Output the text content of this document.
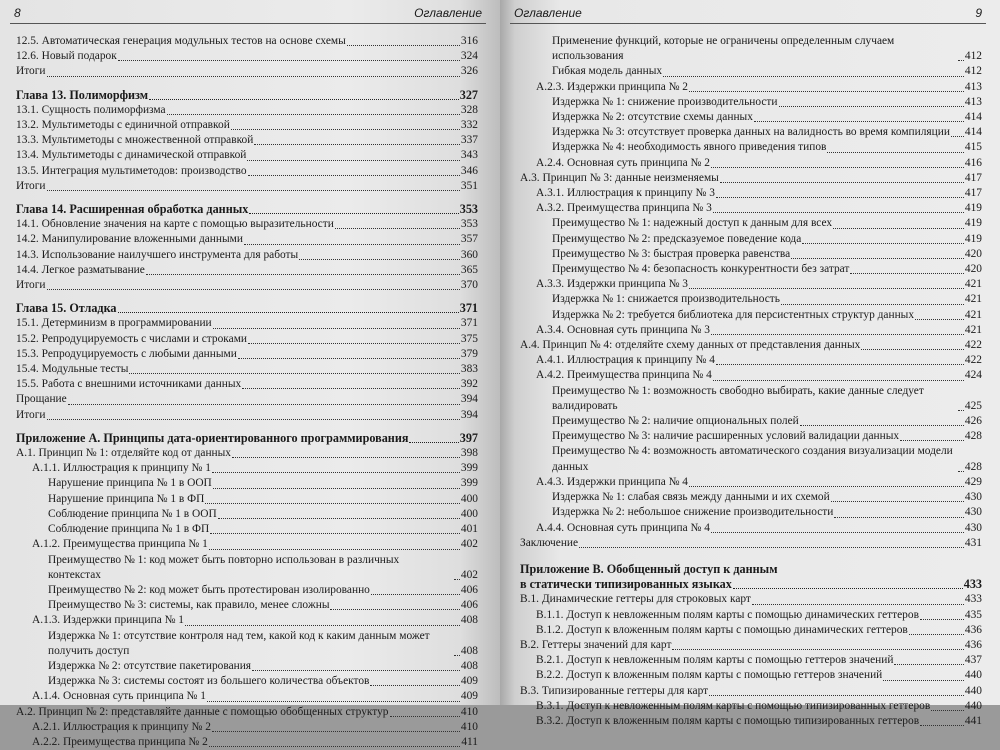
8	Оглавление
12.5. Автоматическая генерация модульных тестов на основе схемы	316
12.6. Новый подарок	324
Итоги	326
Глава 13. Полиморфизм	327
13.1. Сущность полиморфизма	328
13.2. Мультиметоды с единичной отправкой	332
13.3. Мультиметоды с множественной отправкой	337
13.4. Мультиметоды с динамической отправкой	343
13.5. Интеграция мультиметодов: производство	346
Итоги	351
Глава 14. Расширенная обработка данных	353
14.1. Обновление значения на карте с помощью выразительности	353
14.2. Манипулирование вложенными данными	357
14.3. Использование наилучшего инструмента для работы	360
14.4. Легкое разматывание	365
Итоги	370
Глава 15. Отладка	371
15.1. Детерминизм в программировании	371
15.2. Репродуцируемость с числами и строками	375
15.3. Репродуцируемость с любыми данными	379
15.4. Модульные тесты	383
15.5. Работа с внешними источниками данных	392
Прощание	394
Итоги	394
Приложение А. Принципы дата-ориентированного программирования	397
А.1. Принцип № 1: отделяйте код от данных	398
А.1.1. Иллюстрация к принципу № 1	399
Нарушение принципа № 1 в ООП	399
Нарушение принципа № 1 в ФП	400
Соблюдение принципа № 1 в ООП	400
Соблюдение принципа № 1 в ФП	401
А.1.2. Преимущества принципа № 1	402
Преимущество № 1: код может быть повторно использован в различных контекстах	402
Преимущество № 2: код может быть протестирован изолированно	406
Преимущество № 3: системы, как правило, менее сложны	406
А.1.3. Издержки принципа № 1	408
Издержка № 1: отсутствие контроля над тем, какой код к каким данным может получить доступ	408
Издержка № 2: отсутствие пакетирования	408
Издержка № 3: системы состоят из большего количества объектов	409
А.1.4. Основная суть принципа № 1	409
А.2. Принцип № 2: представляйте данные с помощью обобщенных структур	410
А.2.1. Иллюстрация к принципу № 2	410
А.2.2. Преимущества принципа № 2	411
Оглавление	9
Применение функций, которые не ограничены определенным случаем использования	412
Гибкая модель данных	412
А.2.3. Издержки принципа № 2	413
Издержка № 1: снижение производительности	413
Издержка № 2: отсутствие схемы данных	414
Издержка № 3: отсутствует проверка данных на валидность во время компиляции 414
Издержка № 4: необходимость явного приведения типов	415
А.2.4. Основная суть принципа № 2	416
А.3. Принцип № 3: данные неизменяемы	417
А.3.1. Иллюстрация к принципу № 3	417
А.3.2. Преимущества принципа № 3	419
Преимущество № 1: надежный доступ к данным для всех	419
Преимущество № 2: предсказуемое поведение кода	419
Преимущество № 3: быстрая проверка равенства	420
Преимущество № 4: безопасность конкурентности без затрат	420
А.3.3. Издержки принципа № 3	421
Издержка № 1: снижается производительность	421
Издержка № 2: требуется библиотека для персистентных структур данных	421
А.3.4. Основная суть принципа № 3	421
А.4. Принцип № 4: отделяйте схему данных от представления данных	422
А.4.1. Иллюстрация к принципу № 4	422
А.4.2. Преимущества принципа № 4	424
Преимущество № 1: возможность свободно выбирать, какие данные следует валидировать	425
Преимущество № 2: наличие опциональных полей	426
Преимущество № 3: наличие расширенных условий валидации данных	428
Преимущество № 4: возможность автоматического создания визуализации модели данных	428
А.4.3. Издержки принципа № 4	429
Издержка № 1: слабая связь между данными и их схемой	430
Издержка № 2: небольшое снижение производительности	430
А.4.4. Основная суть принципа № 4	430
Заключение	431
Приложение B. Обобщенный доступ к данным
в статически типизированных языках	433
В.1. Динамические геттеры для строковых карт	433
В.1.1. Доступ к невложенным полям карты с помощью динамических геттеров	435
В.1.2. Доступ к вложенным полям карты с помощью динамических геттеров	436
В.2. Геттеры значений для карт	436
В.2.1. Доступ к невложенным полям карты с помощью геттеров значений	437
В.2.2. Доступ к вложенным полям карты с помощью геттеров значений	440
В.3. Типизированные геттеры для карт	440
В.3.1. Доступ к невложенным полям карты с помощью типизированных геттеров	440
В.3.2. Доступ к вложенным полям карты с помощью типизированных геттеров	441
